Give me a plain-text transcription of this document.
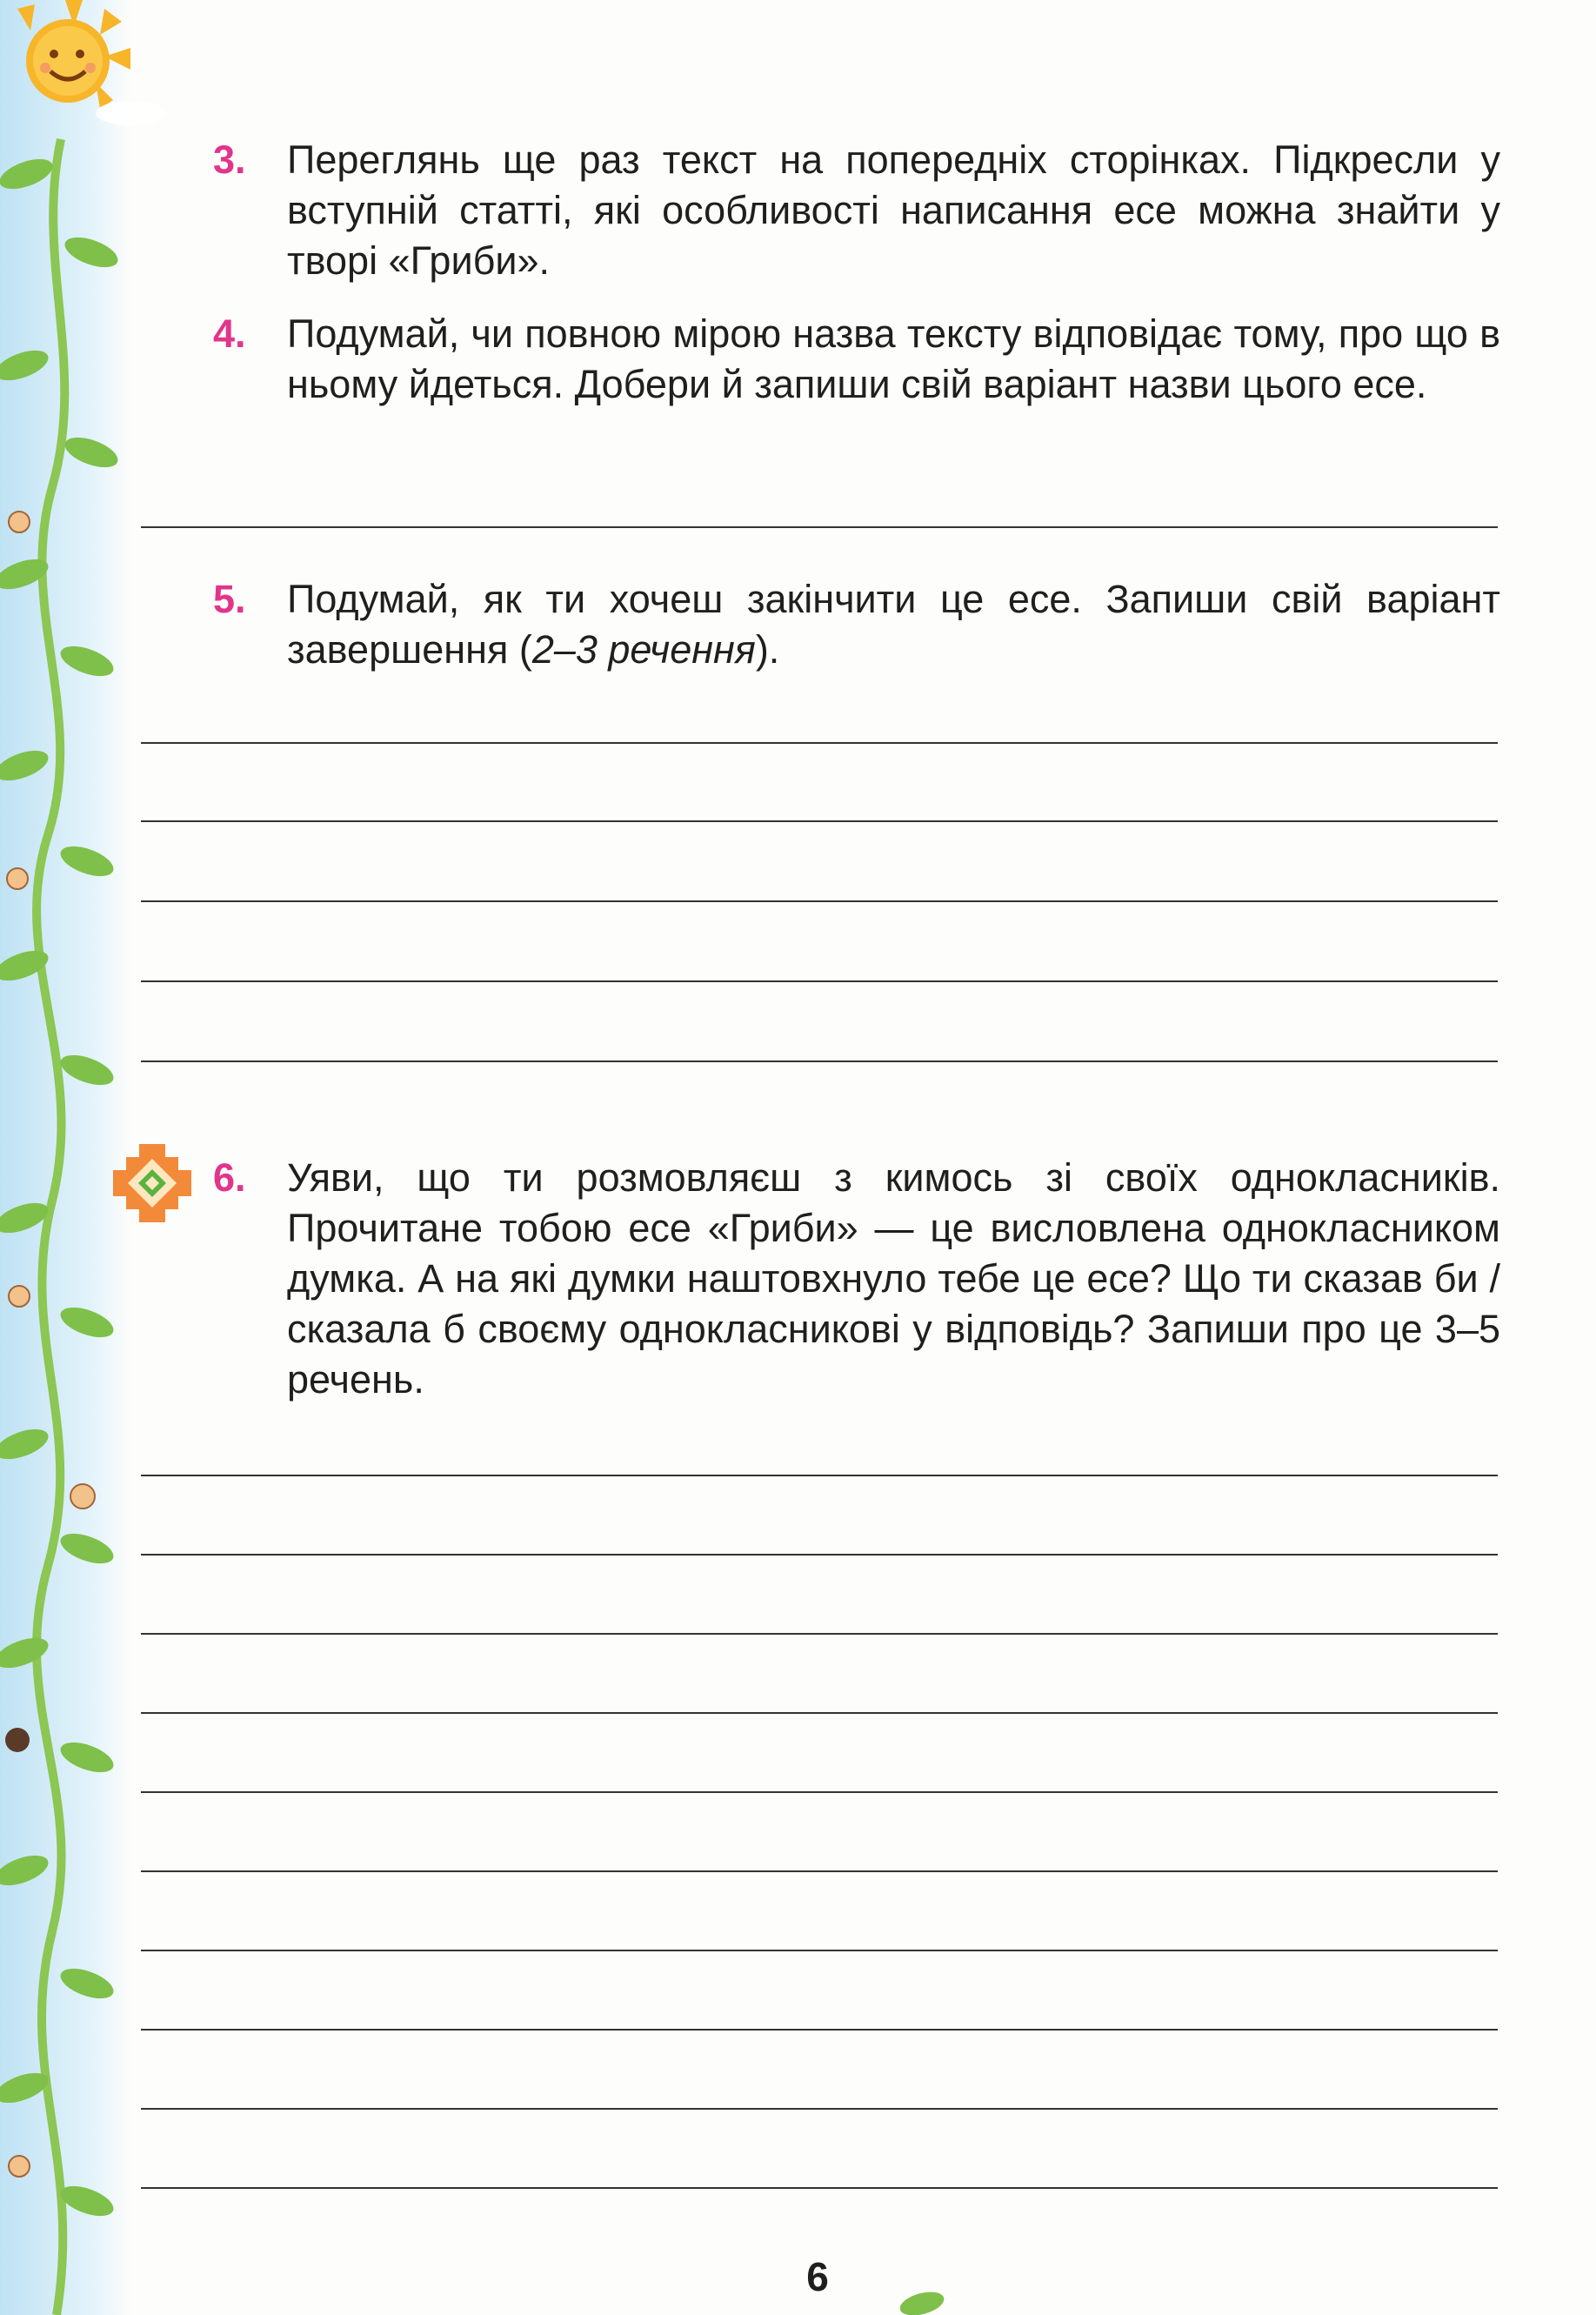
3. Переглянь ще раз текст на попередніх сторінках. Підкресли у вступній статті, які особливості написання есе можна знайти у творі «Гриби».
4. Подумай, чи повною мірою назва тексту відповідає тому, про що в ньому йдеться. Добери й запиши свій варіант назви цього есе.
5. Подумай, як ти хочеш закінчити це есе. Запиши свій варіант завершення (2–3 речення).
6. Уяви, що ти розмовляєш з кимось зі своїх однокласників. Прочитане тобою есе «Гриби» — це висловлена однокласником думка. А на які думки наштовхнуло тебе це есе? Що ти сказав би / сказала б своєму однокласникові у відповідь? Запиши про це 3–5 речень.
6
